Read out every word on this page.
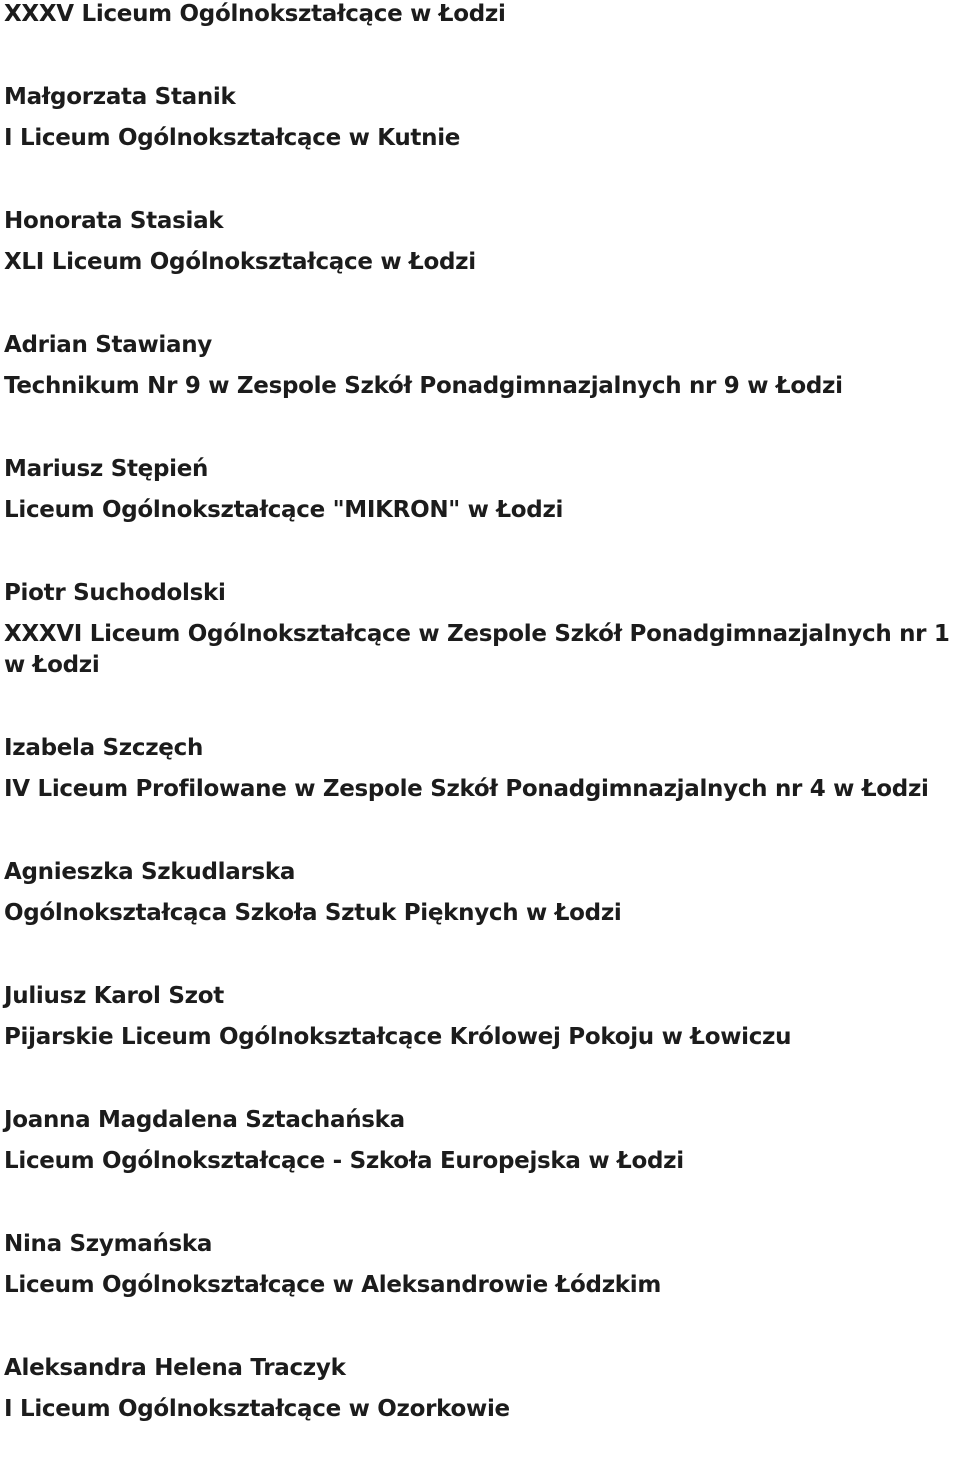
XXXV Liceum Ogólnokształcące w Łodzi
Małgorzata Stanik
I Liceum Ogólnokształcące w Kutnie
Honorata Stasiak
XLI Liceum Ogólnokształcące w Łodzi
Adrian Stawiany
Technikum Nr 9 w Zespole Szkół Ponadgimnazjalnych nr 9 w Łodzi
Mariusz Stępień
Liceum Ogólnokształcące "MIKRON" w Łodzi
Piotr Suchodolski
XXXVI Liceum Ogólnokształcące w Zespole Szkół Ponadgimnazjalnych nr 1 w Łodzi
Izabela Szczęch
IV Liceum Profilowane w Zespole Szkół Ponadgimnazjalnych nr 4 w Łodzi
Agnieszka Szkudlarska
Ogólnokształcąca Szkoła Sztuk Pięknych w Łodzi
Juliusz Karol Szot
Pijarskie Liceum Ogólnokształcące Królowej Pokoju w Łowiczu
Joanna Magdalena Sztachańska
Liceum Ogólnokształcące - Szkoła Europejska w Łodzi
Nina Szymańska
Liceum Ogólnokształcące w Aleksandrowie Łódzkim
Aleksandra Helena Traczyk
I Liceum Ogólnokształcące w Ozorkowie
